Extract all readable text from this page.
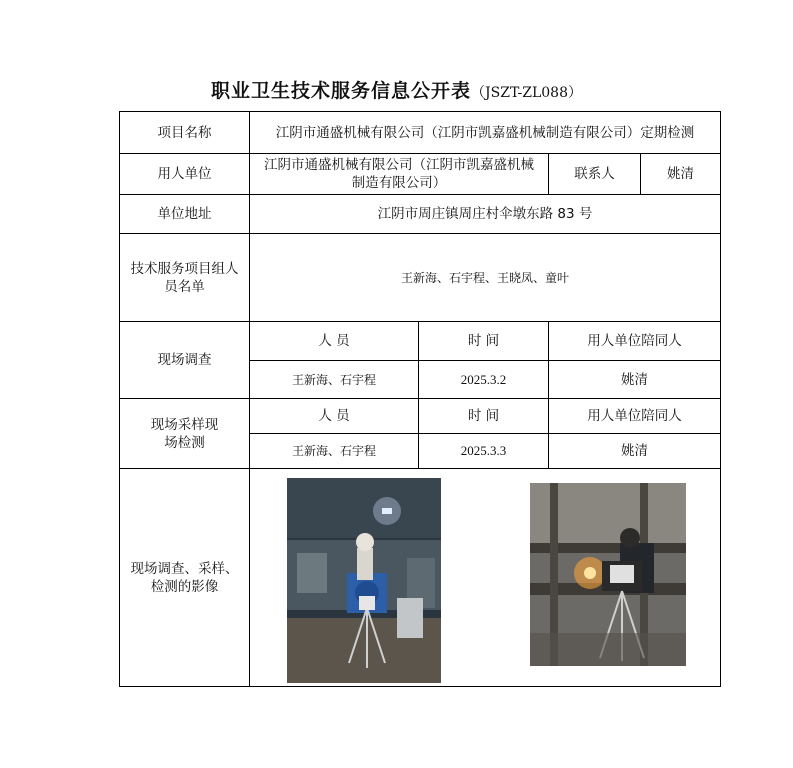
职业卫生技术服务信息公开表（JSZT-ZL088）
项目名称	江阴市通盛机械有限公司（江阴市凯嘉盛机械制造有限公司）定期检测			
用人单位	江阴市通盛机械有限公司（江阴市凯嘉盛机械制造有限公司）		联系人	姚清
单位地址	江阴市周庄镇周庄村伞墩东路 83 号			
技术服务项目组人员名单	王新海、石宇程、王晓凤、童叶			
现场调查	人 员	时 间	用人单位陪同人	
	王新海、石宇程	2025.3.2	姚清	
现场采样现场检测	人 员	时 间	用人单位陪同人	
	王新海、石宇程	2025.3.3	姚清	
现场调查、采样、检测的影像	
